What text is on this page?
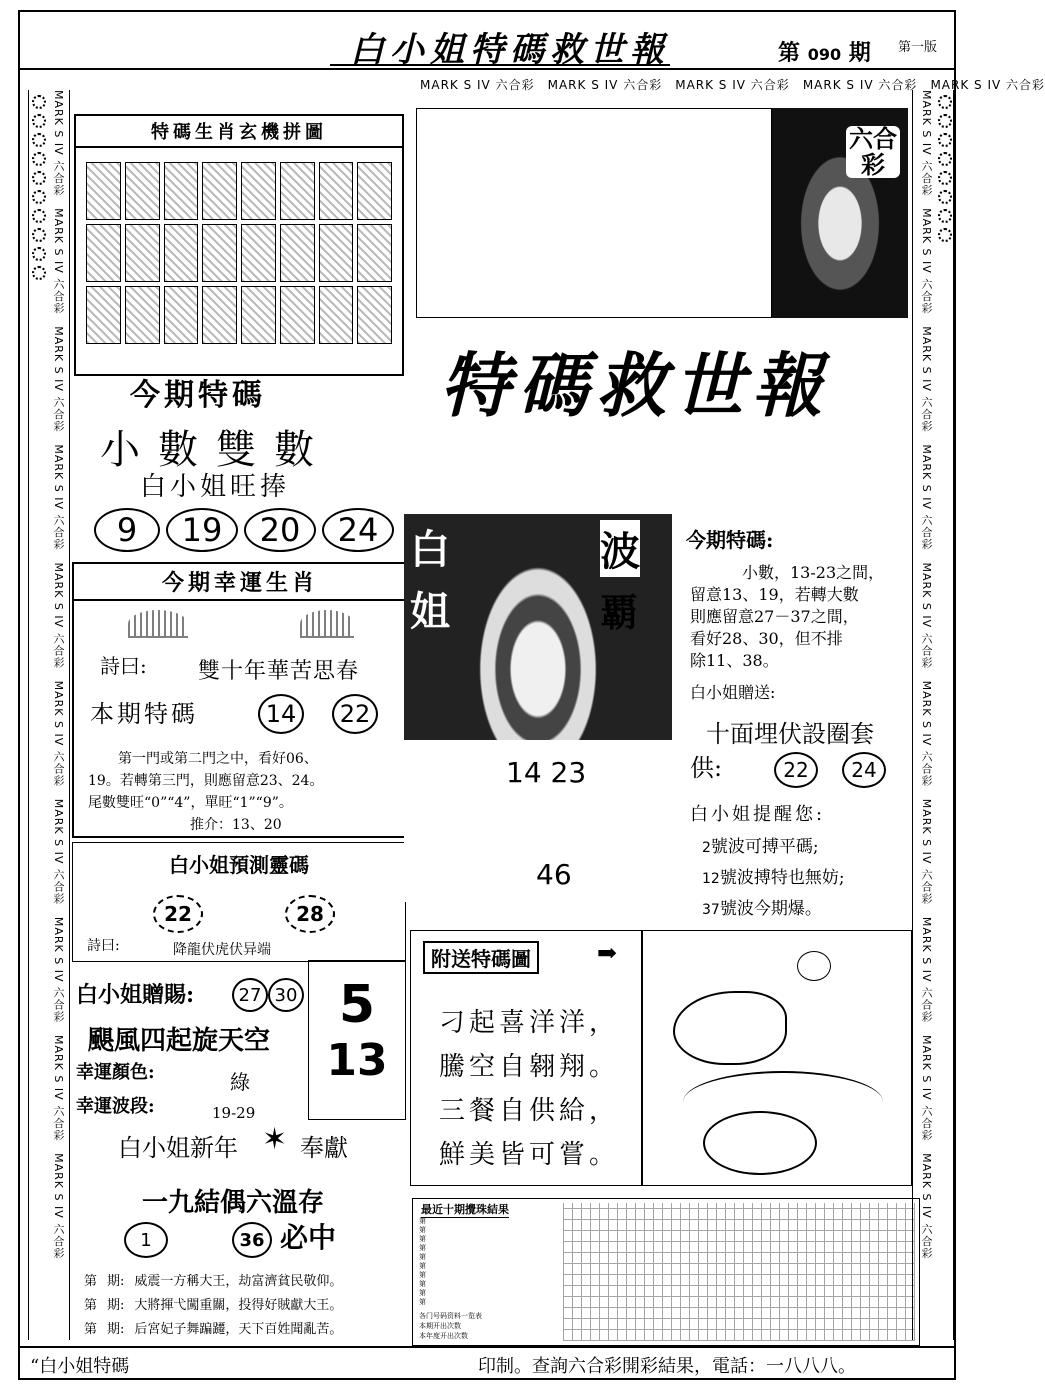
白小姐特碼救世報	第 090 期 第一版
MARK S IV 六合彩　 MARK S IV 六合彩　 MARK S IV 六合彩　 MARK S IV 六合彩　 MARK S IV 六合彩
MARK S IV 六合彩　MARK S IV 六合彩　MARK S IV 六合彩　MARK S IV 六合彩　MARK S IV 六合彩　MARK S IV 六合彩　MARK S IV 六合彩　MARK S IV 六合彩　MARK S IV 六合彩　MARK S IV 六合彩
MARK S IV 六合彩　MARK S IV 六合彩　MARK S IV 六合彩　MARK S IV 六合彩　MARK S IV 六合彩　MARK S IV 六合彩　MARK S IV 六合彩　MARK S IV 六合彩　MARK S IV 六合彩　MARK S IV 六合彩
特碼生肖玄機拼圖
今期特碼
小數雙數
白小姐旺捧
9	19	20	24
今期幸運生肖
詩曰: 雙十年華苦思春
本期特碼	14	22
第一門或第二門之中，看好06、
19。若轉第三門，則應留意23、24。
尾數雙旺“0”“4”，單旺“1”“9”。
推介：13、20
白小姐預測靈碼
22	28
詩曰:	降龍伏虎伏异端
白小姐贈賜:	27 30
颶風四起旋天空
幸運顏色:	綠
幸運波段:	19-29
5
13
白小姐新年 ✶ 奉獻
一九結偶六溫存
1	36 必中
第 期: 威震一方稱大王，劫富濟貧民敬仰。
第 期: 大將揮弋闖重關，投得好賊獻大王。
第 期: 后宮妃子舞蹁躚，天下百姓聞亂苦。
六合彩
特碼救世報
白
姐
波
覇
14 23
46
今期特碼:
小數，13-23之間，
留意13、19，若轉大數
則應留意27－37之間，
看好28、30，但不排
除11、38。
白小姐贈送:
十面埋伏設圈套
供:	22	24
白小姐提醒您:
2號波可搏平碼;
12號波搏特也無妨;
37號波今期爆。
附送特碼圖	➡
刁起喜洋洋，
騰空自翱翔。
三餐自供給，
鮮美皆可嘗。
最近十期攪珠結果
第
第
第
第
第
第
第
第
第
第
各门号码资料一览表
本期开出次数
本年度开出次数
“白小姐特碼	印制。查詢六合彩開彩結果，電話：一八八八。
